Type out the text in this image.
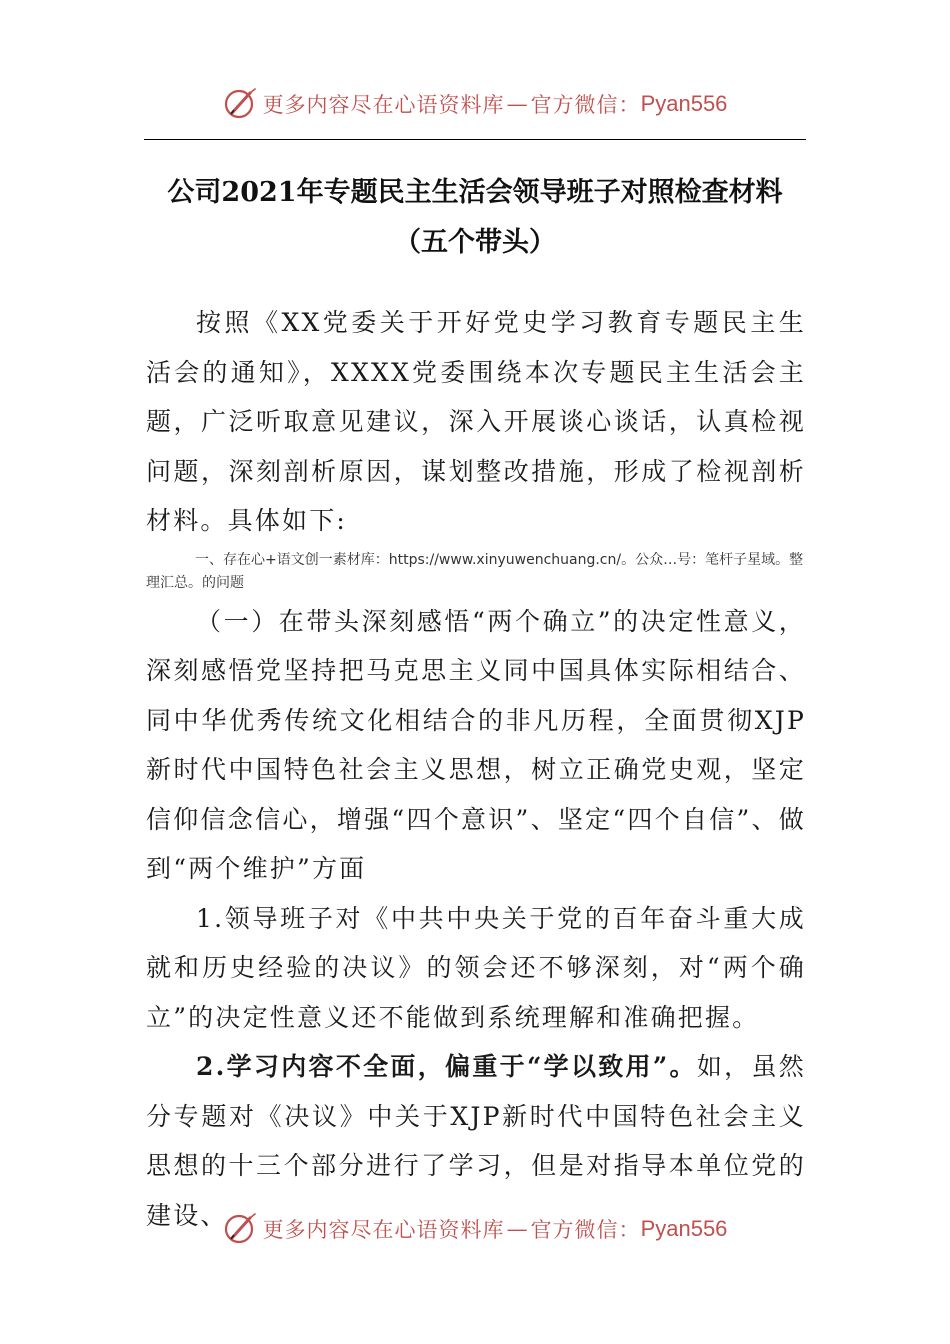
更多内容尽在心语资料库 — 官方微信： Pyan556
公司2021年专题民主生活会领导班子对照检查材料（五个带头）

按照《XX党委关于开好党史学习教育专题民主生活会的通知》，XXXX党委围绕本次专题民主生活会主题，广泛听取意见建议，深入开展谈心谈话，认真检视问题，深刻剖析原因，谋划整改措施，形成了检视剖析材料。具体如下:

一、存在心+语文创一素材库：https://www.xinyuwenchuang.cn/。公众…号：笔杆子星域。整理汇总。的问题

（一）在带头深刻感悟“两个确立”的决定性意义，深刻感悟党坚持把马克思主义同中国具体实际相结合、同中华优秀传统文化相结合的非凡历程，全面贯彻XJP新时代中国特色社会主义思想，树立正确党史观，坚定信仰信念信心，增强“四个意识”、坚定“四个自信”、做到“两个维护”方面

1.领导班子对《中共中央关于党的百年奋斗重大成就和历史经验的决议》的领会还不够深刻，对“两个确立”的决定性意义还不能做到系统理解和准确把握。

2.学习内容不全面，偏重于“学以致用”。如，虽然分专题对《决议》中关于XJP新时代中国特色社会主义思想的十三个部分进行了学习，但是对指导本单位党的建设、

更多内容尽在心语资料库 — 官方微信： Pyan556
